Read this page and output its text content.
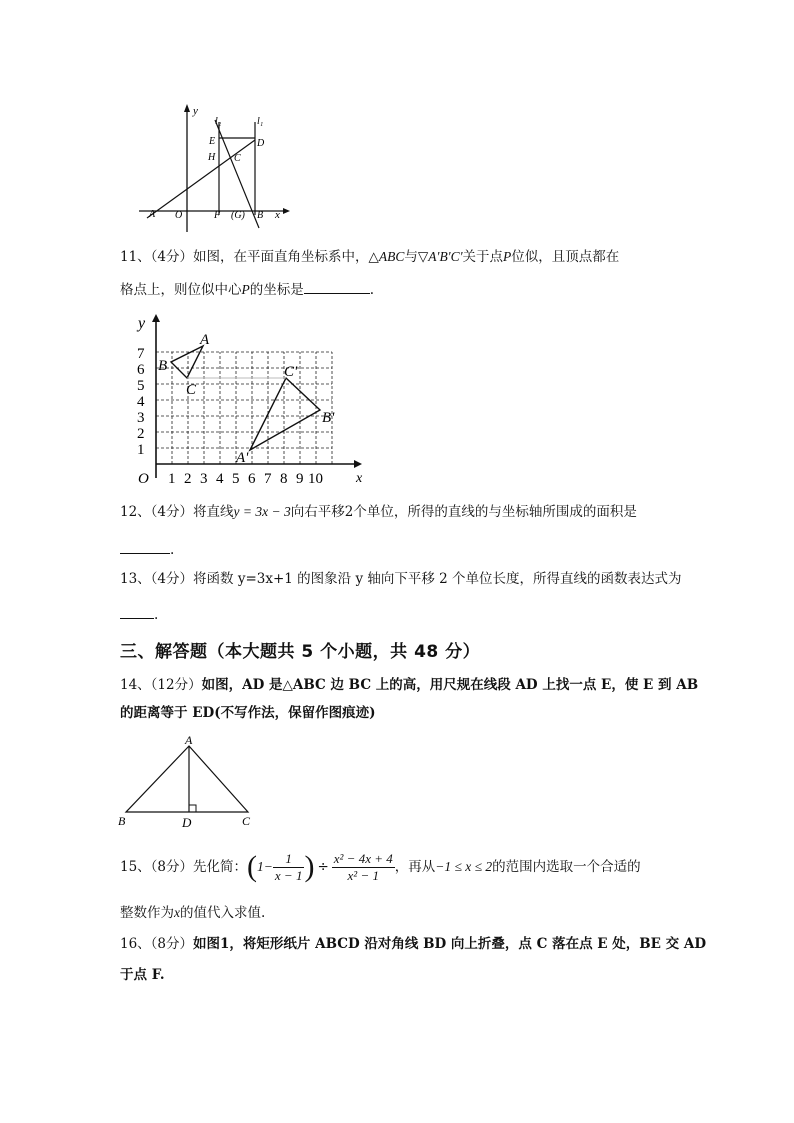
y
x
l₂	l₁
E	D
H C
A O	F (G) B
11、（4分）如图，在平面直角坐标系中，△ABC与▽A'B'C'关于点P位似，且顶点都在
格点上，则位似中心P的坐标是	.
y
x
O
A
B
C
A'
B'
C'
1
2
3
4
5
6
7
1 2 3 4 5 6 7 8 9 10
12、（4分）将直线y = 3x − 3向右平移2个单位，所得的直线的与坐标轴所围成的面积是
.
13、（4分）将函数 y=3x+1 的图象沿 y 轴向下平移 2 个单位长度，所得直线的函数表达式为
.
三、解答题（本大题共 5 个小题，共 48 分）
14、（12分）如图，AD 是△ABC 边 BC 上的高，用尺规在线段 AD 上找一点 E，使 E 到 AB
的距离等于 ED(不写作法，保留作图痕迹)
A
B	D	C
15、（8分） 先化简： ( $1- \frac{1}{x - 1}$ ) ÷ $\frac{\text{x² − 4x + 4}}{\text{x² − 1}}$ ，再从 −1 ≤ x ≤ 2 的范围内选取一个合适的
整数作为x的值代入求值.
16、（8分）如图1，将矩形纸片 ABCD 沿对角线 BD 向上折叠，点 C 落在点 E 处，BE 交 AD
于点 F.
